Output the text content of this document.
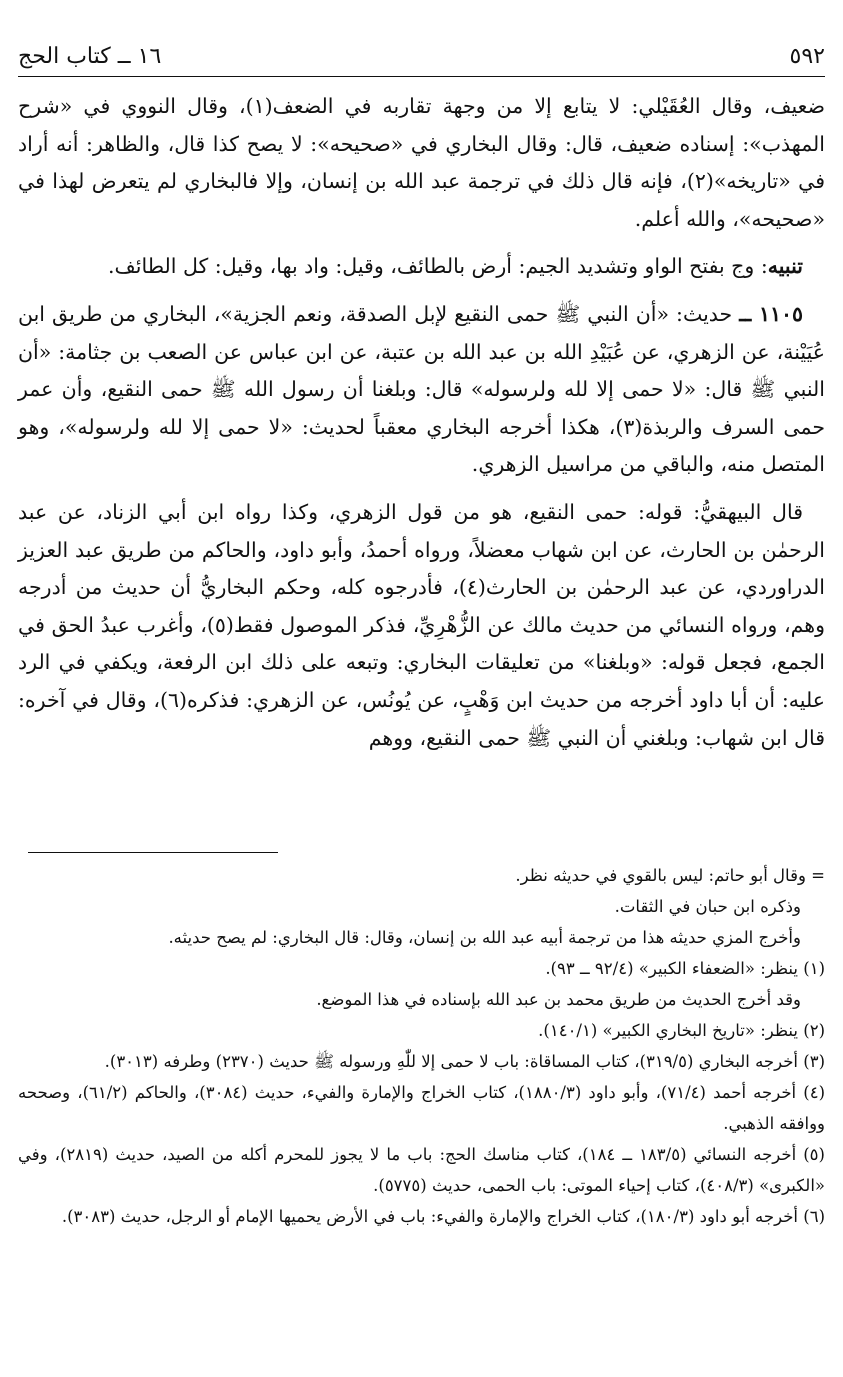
١٦ ــ كتاب الحج	٥٩٢

ضعيف، وقال العُقَيْلي: لا يتابع إلا من وجهة تقاربه في الضعف(١)، وقال النووي في «شرح المهذب»: إسناده ضعيف، قال: وقال البخاري في «صحيحه»: لا يصح كذا قال، والظاهر: أنه أراد في «تاريخه»(٢)، فإنه قال ذلك في ترجمة عبد الله بن إنسان، وإلا فالبخاري لم يتعرض لهذا في «صحيحه»، والله أعلم.

تنبيه: وج بفتح الواو وتشديد الجيم: أرض بالطائف، وقيل: واد بها، وقيل: كل الطائف.

١١٠٥ ــ حديث: «أن النبي ﷺ حمى النقيع لإبل الصدقة، ونعم الجزية»، البخاري من طريق ابن عُيَيْنة، عن الزهري، عن عُبَيْدِ الله بن عبد الله بن عتبة، عن ابن عباس عن الصعب بن جثامة: «أن النبي ﷺ قال: «لا حمى إلا لله ولرسوله» قال: وبلغنا أن رسول الله ﷺ حمى النقيع، وأن عمر حمى السرف والربذة(٣)، هكذا أخرجه البخاري معقباً لحديث: «لا حمى إلا لله ولرسوله»، وهو المتصل منه، والباقي من مراسيل الزهري.

قال البيهقيُّ: قوله: حمى النقيع، هو من قول الزهري، وكذا رواه ابن أبي الزناد، عن عبد الرحمٰن بن الحارث، عن ابن شهاب معضلاً، ورواه أحمدُ، وأبو داود، والحاكم من طريق عبد العزيز الدراوردي، عن عبد الرحمٰن بن الحارث(٤)، فأدرجوه كله، وحكم البخاريُّ أن حديث من أدرجه وهم، ورواه النسائي من حديث مالك عن الزُّهْرِيِّ، فذكر الموصول فقط(٥)، وأغرب عبدُ الحق في الجمع، فجعل قوله: «وبلغنا» من تعليقات البخاري: وتبعه على ذلك ابن الرفعة، ويكفي في الرد عليه: أن أبا داود أخرجه من حديث ابن وَهْبٍ، عن يُونُس، عن الزهري: فذكره(٦)، وقال في آخره: قال ابن شهاب: وبلغني أن النبي ﷺ حمى النقيع، ووهم

= وقال أبو حاتم: ليس بالقوي في حديثه نظر.

وذكره ابن حبان في الثقات.

وأخرج المزي حديثه هذا من ترجمة أبيه عبد الله بن إنسان، وقال: قال البخاري: لم يصح حديثه.

(١) ينظر: «الضعفاء الكبير» (٩٢/٤ ــ ٩٣).

وقد أخرج الحديث من طريق محمد بن عبد الله بإسناده في هذا الموضع.

(٢) ينظر: «تاريخ البخاري الكبير» (١٤٠/١).

(٣) أخرجه البخاري (٣١٩/٥)، كتاب المساقاة: باب لا حمى إلا للّٰهِ ورسوله ﷺ حديث (٢٣٧٠) وطرفه (٣٠١٣).

(٤) أخرجه أحمد (٧١/٤)، وأبو داود (١٨٨٠/٣)، كتاب الخراج والإمارة والفيء، حديث (٣٠٨٤)، والحاكم (٦١/٢)، وصححه ووافقه الذهبي.

(٥) أخرجه النسائي (١٨٣/٥ ــ ١٨٤)، كتاب مناسك الحج: باب ما لا يجوز للمحرم أكله من الصيد، حديث (٢٨١٩)، وفي «الكبرى» (٤٠٨/٣)، كتاب إحياء الموتى: باب الحمى، حديث (٥٧٧٥).

(٦) أخرجه أبو داود (١٨٠/٣)، كتاب الخراج والإمارة والفيء: باب في الأرض يحميها الإمام أو الرجل، حديث (٣٠٨٣).
